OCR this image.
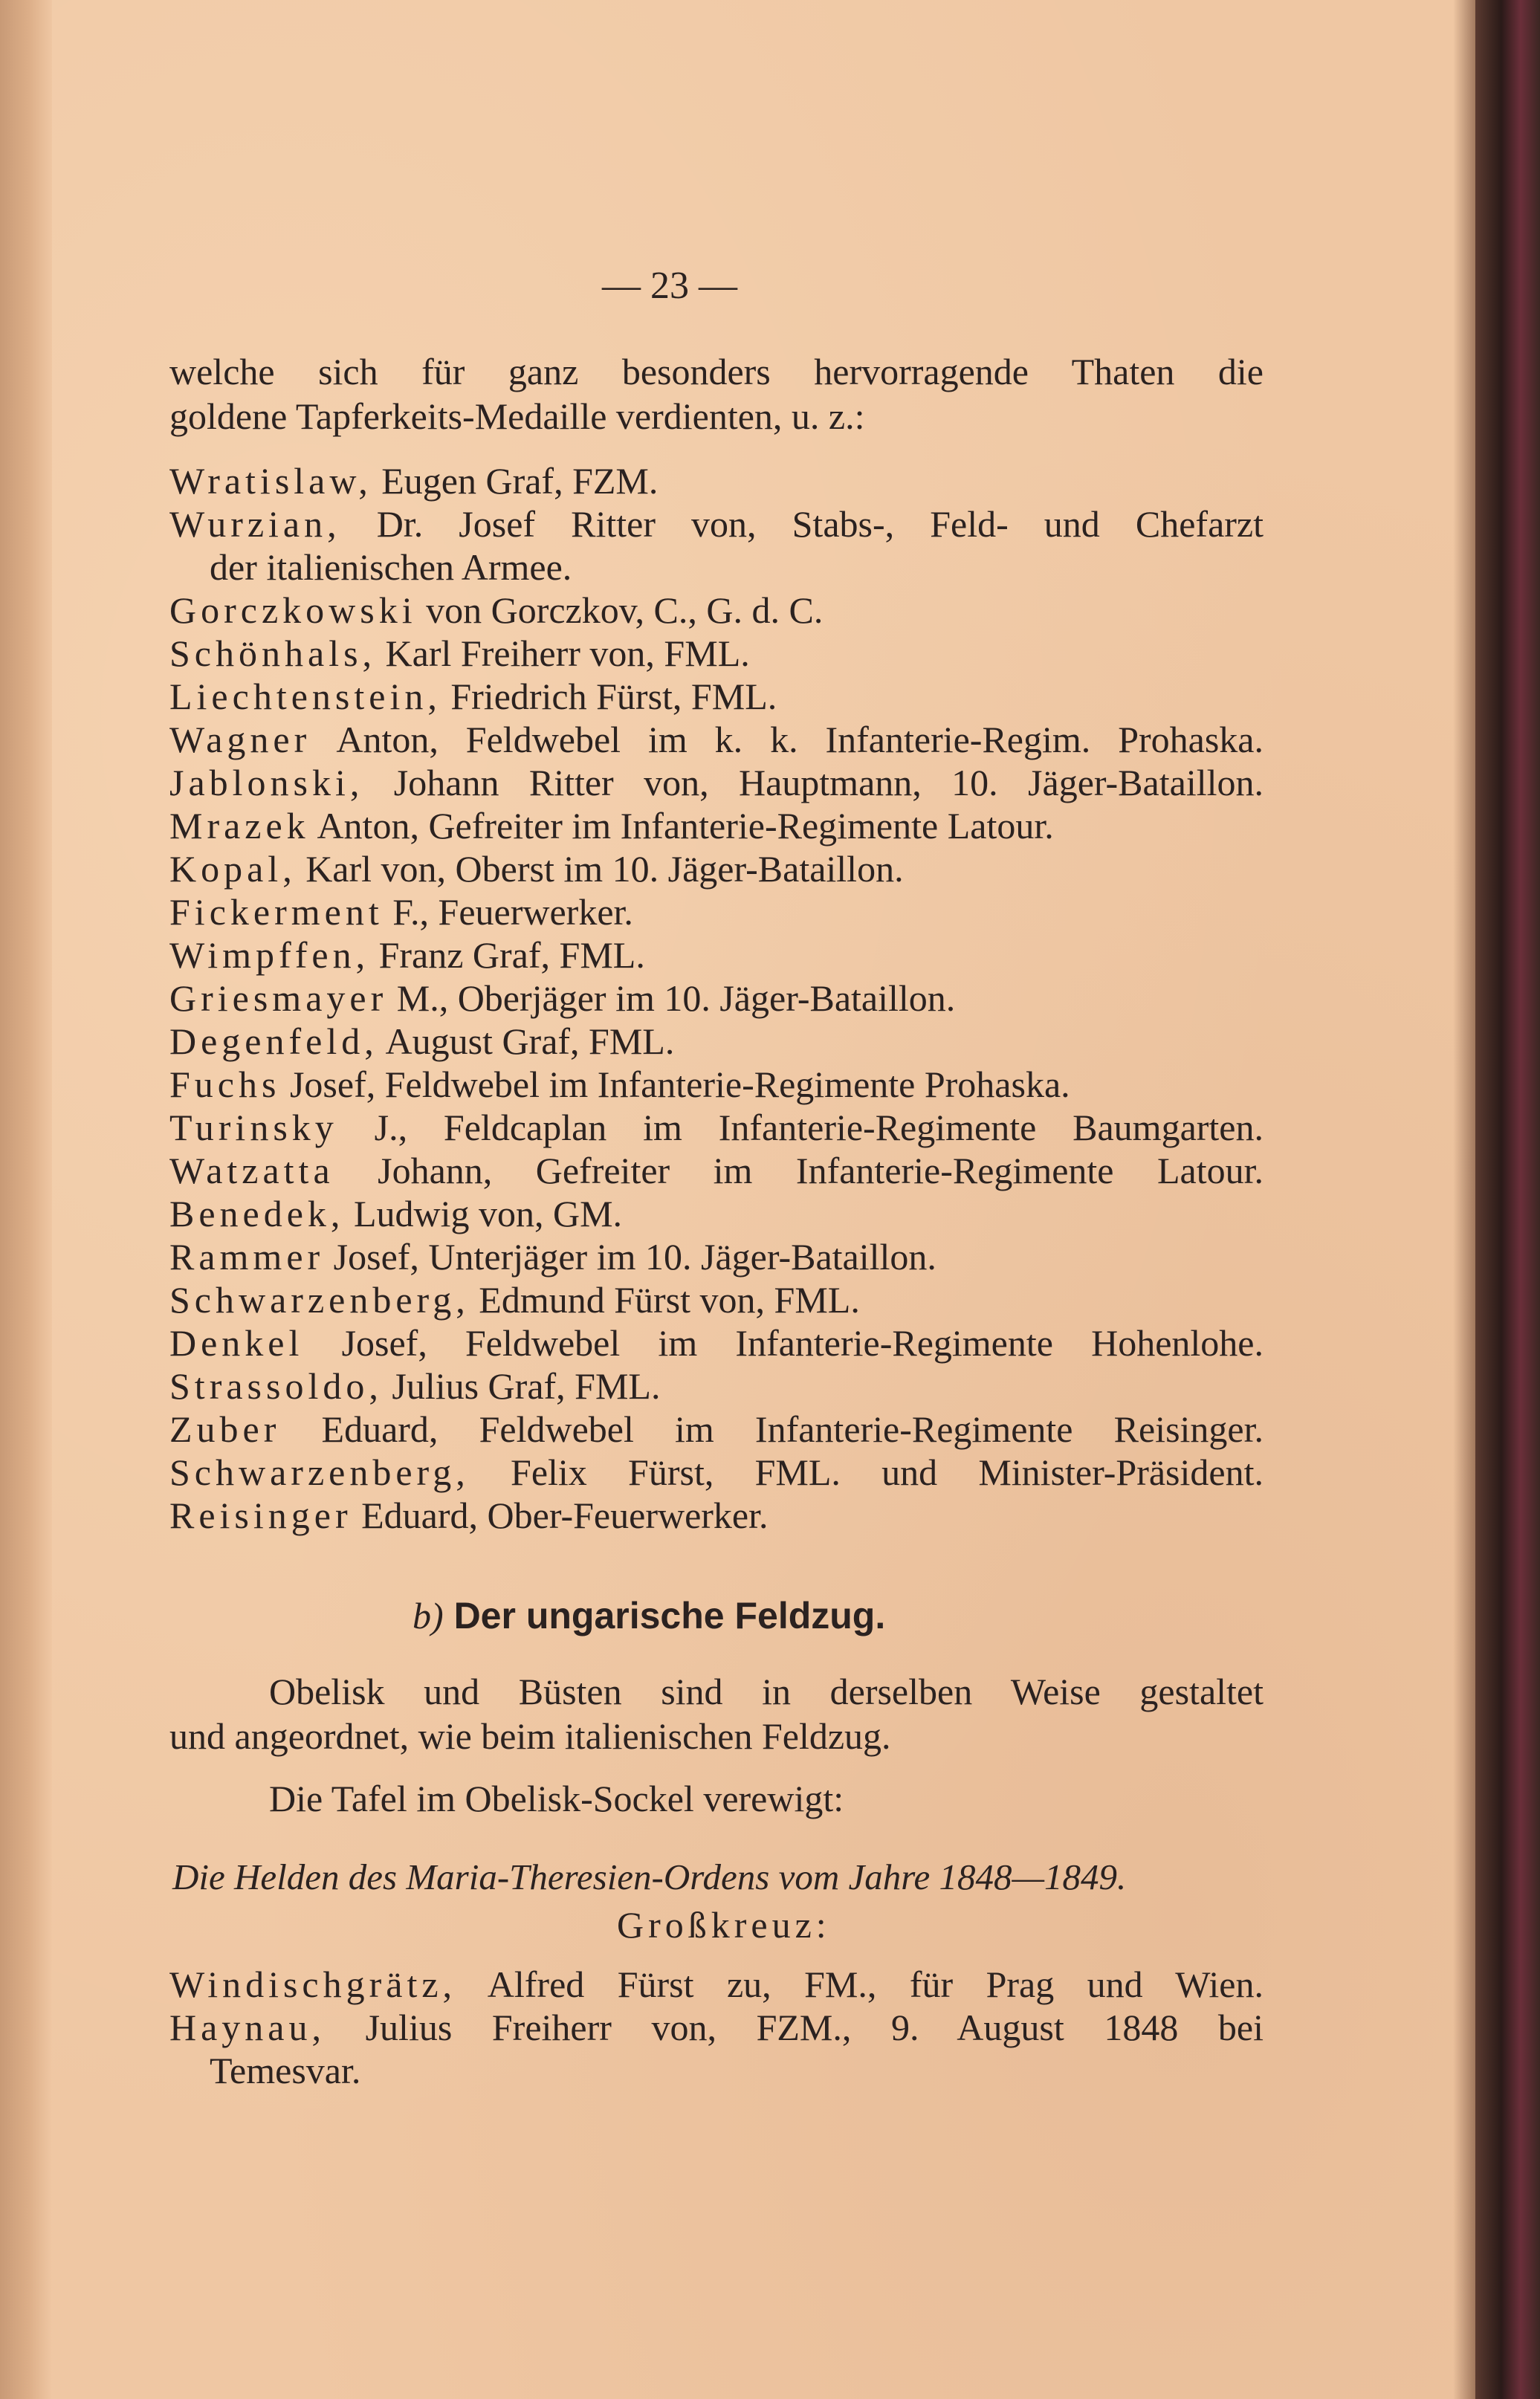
— 23 —
welche sich für ganz besonders hervorragende Thaten die
goldene Tapferkeits-Medaille verdienten, u. z.:
Wratislaw, Eugen Graf, FZM.
Wurzian, Dr. Josef Ritter von, Stabs-, Feld- und Chefarzt
der italienischen Armee.
Gorczkowski von Gorczkov, C., G. d. C.
Schönhals, Karl Freiherr von, FML.
Liechtenstein, Friedrich Fürst, FML.
Wagner Anton, Feldwebel im k. k. Infanterie-Regim. Prohaska.
Jablonski, Johann Ritter von, Hauptmann, 10. Jäger-Bataillon.
Mrazek Anton, Gefreiter im Infanterie-Regimente Latour.
Kopal, Karl von, Oberst im 10. Jäger-Bataillon.
Fickerment F., Feuerwerker.
Wimpffen, Franz Graf, FML.
Griesmayer M., Oberjäger im 10. Jäger-Bataillon.
Degenfeld, August Graf, FML.
Fuchs Josef, Feldwebel im Infanterie-Regimente Prohaska.
Turinsky J., Feldcaplan im Infanterie-Regimente Baumgarten.
Watzatta Johann, Gefreiter im Infanterie-Regimente Latour.
Benedek, Ludwig von, GM.
Rammer Josef, Unterjäger im 10. Jäger-Bataillon.
Schwarzenberg, Edmund Fürst von, FML.
Denkel Josef, Feldwebel im Infanterie-Regimente Hohenlohe.
Strassoldo, Julius Graf, FML.
Zuber Eduard, Feldwebel im Infanterie-Regimente Reisinger.
Schwarzenberg, Felix Fürst, FML. und Minister-Präsident.
Reisinger Eduard, Ober-Feuerwerker.
b) Der ungarische Feldzug.
Obelisk und Büsten sind in derselben Weise gestaltet
und angeordnet, wie beim italienischen Feldzug.
Die Tafel im Obelisk-Sockel verewigt:
Die Helden des Maria-Theresien-Ordens vom Jahre 1848—1849.
Großkreuz:
Windischgrätz, Alfred Fürst zu, FM., für Prag und Wien.
Haynau, Julius Freiherr von, FZM., 9. August 1848 bei
Temesvar.
